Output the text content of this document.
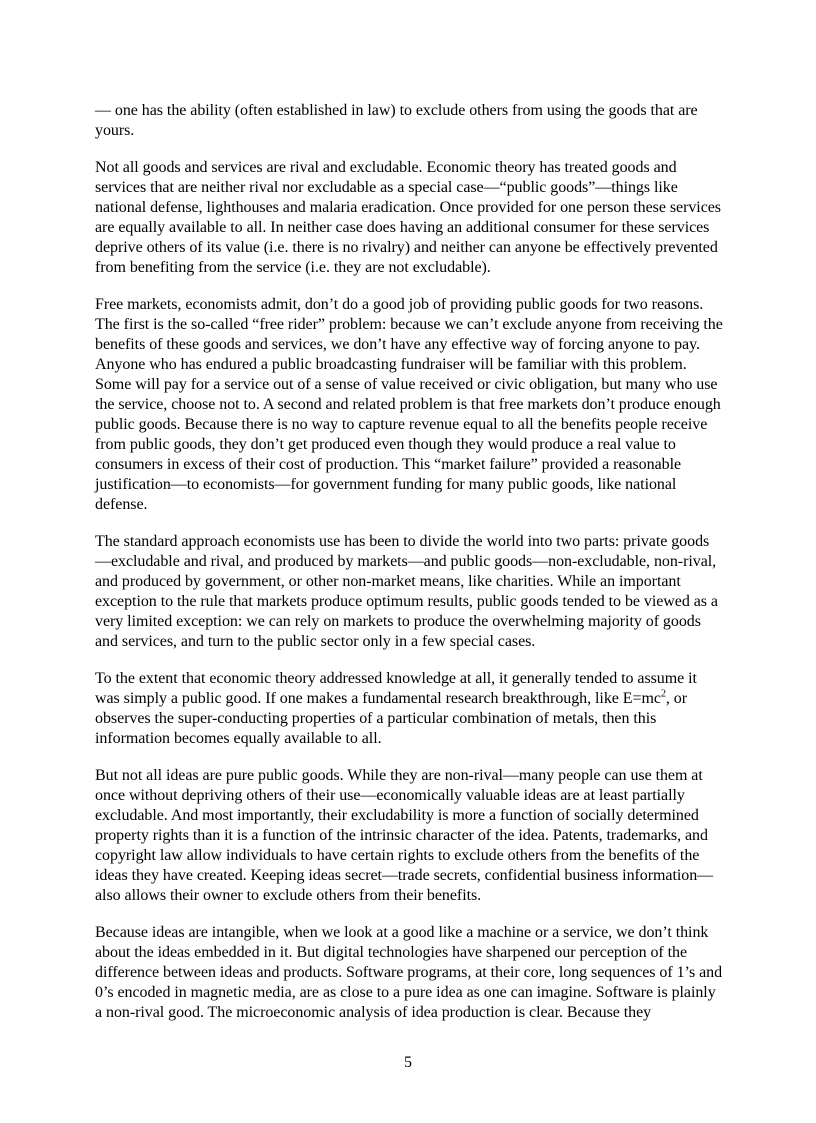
— one has the ability (often established in law) to exclude others from using the goods that are yours.

Not all goods and services are rival and excludable. Economic theory has treated goods and services that are neither rival nor excludable as a special case—“public goods”—things like national defense, lighthouses and malaria eradication. Once provided for one person these services are equally available to all. In neither case does having an additional consumer for these services deprive others of its value (i.e. there is no rivalry) and neither can anyone be effectively prevented from benefiting from the service (i.e. they are not excludable).

Free markets, economists admit, don’t do a good job of providing public goods for two reasons. The first is the so-called “free rider” problem: because we can’t exclude anyone from receiving the benefits of these goods and services, we don’t have any effective way of forcing anyone to pay. Anyone who has endured a public broadcasting fundraiser will be familiar with this problem. Some will pay for a service out of a sense of value received or civic obligation, but many who use the service, choose not to. A second and related problem is that free markets don’t produce enough public goods. Because there is no way to capture revenue equal to all the benefits people receive from public goods, they don’t get produced even though they would produce a real value to consumers in excess of their cost of production. This “market failure” provided a reasonable justification—to economists—for government funding for many public goods, like national defense.

The standard approach economists use has been to divide the world into two parts: private goods—excludable and rival, and produced by markets—and public goods—non-excludable, non-rival, and produced by government, or other non-market means, like charities. While an important exception to the rule that markets produce optimum results, public goods tended to be viewed as a very limited exception: we can rely on markets to produce the overwhelming majority of goods and services, and turn to the public sector only in a few special cases.

To the extent that economic theory addressed knowledge at all, it generally tended to assume it was simply a public good. If one makes a fundamental research breakthrough, like $E=mc^2$, or observes the super-conducting properties of a particular combination of metals, then this information becomes equally available to all.

But not all ideas are pure public goods. While they are non-rival—many people can use them at once without depriving others of their use—economically valuable ideas are at least partially excludable. And most importantly, their excludability is more a function of socially determined property rights than it is a function of the intrinsic character of the idea. Patents, trademarks, and copyright law allow individuals to have certain rights to exclude others from the benefits of the ideas they have created. Keeping ideas secret—trade secrets, confidential business information—also allows their owner to exclude others from their benefits.

Because ideas are intangible, when we look at a good like a machine or a service, we don’t think about the ideas embedded in it. But digital technologies have sharpened our perception of the difference between ideas and products. Software programs, at their core, long sequences of 1’s and 0’s encoded in magnetic media, are as close to a pure idea as one can imagine. Software is plainly a non-rival good. The microeconomic analysis of idea production is clear. Because they

5
